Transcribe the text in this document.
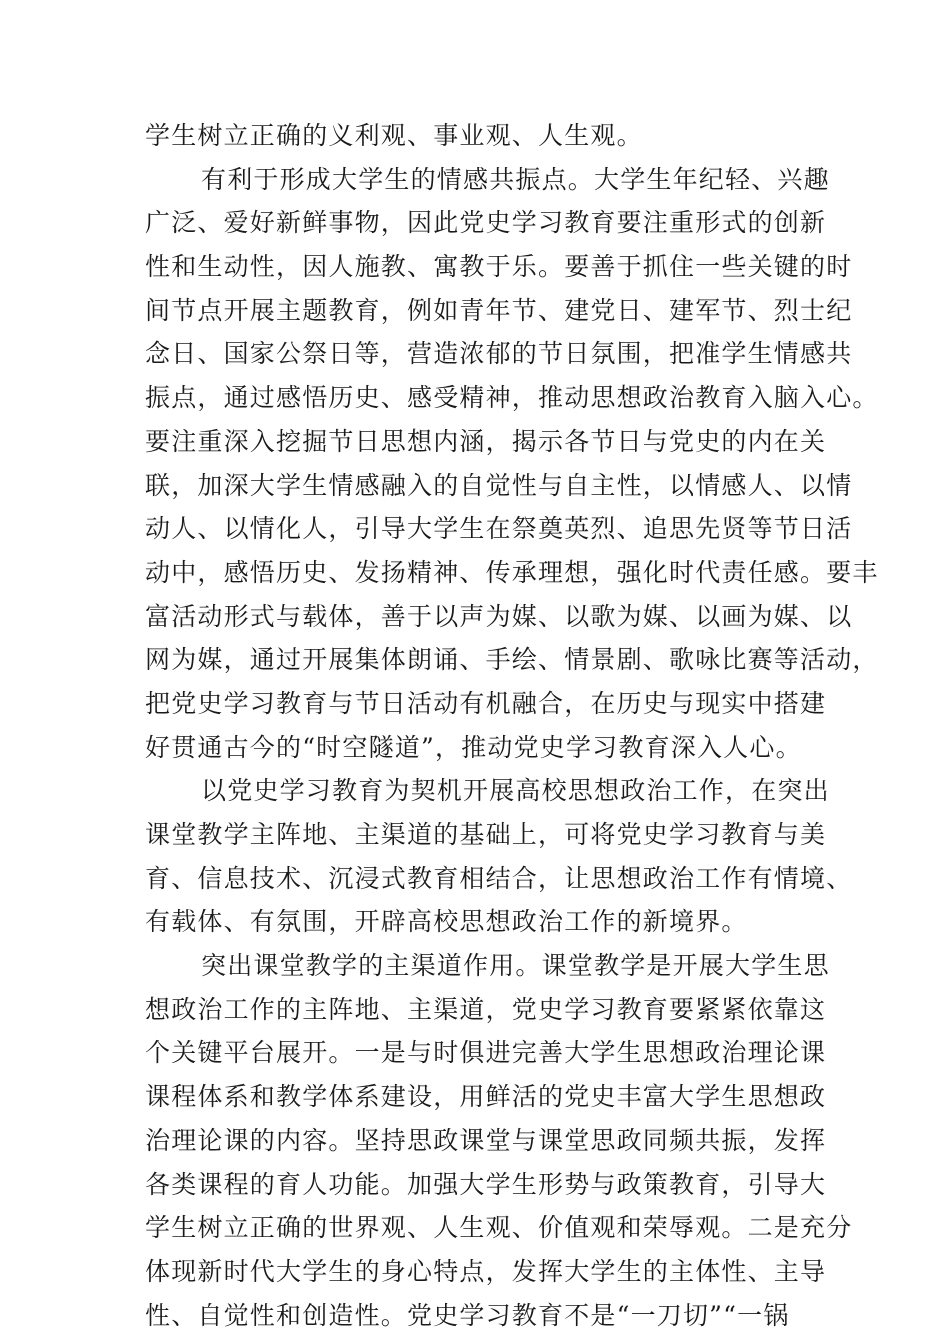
学生树立正确的义利观、事业观、人生观。
有利于形成大学生的情感共振点。大学生年纪轻、兴趣
广泛、爱好新鲜事物，因此党史学习教育要注重形式的创新
性和生动性，因人施教、寓教于乐。要善于抓住一些关键的时
间节点开展主题教育，例如青年节、建党日、建军节、烈士纪
念日、国家公祭日等，营造浓郁的节日氛围，把准学生情感共
振点，通过感悟历史、感受精神，推动思想政治教育入脑入心。
要注重深入挖掘节日思想内涵，揭示各节日与党史的内在关
联，加深大学生情感融入的自觉性与自主性，以情感人、以情
动人、以情化人，引导大学生在祭奠英烈、追思先贤等节日活
动中，感悟历史、发扬精神、传承理想，强化时代责任感。要丰
富活动形式与载体，善于以声为媒、以歌为媒、以画为媒、以
网为媒，通过开展集体朗诵、手绘、情景剧、歌咏比赛等活动，
把党史学习教育与节日活动有机融合，在历史与现实中搭建
好贯通古今的“时空隧道”，推动党史学习教育深入人心。
以党史学习教育为契机开展高校思想政治工作，在突出
课堂教学主阵地、主渠道的基础上，可将党史学习教育与美
育、信息技术、沉浸式教育相结合，让思想政治工作有情境、
有载体、有氛围，开辟高校思想政治工作的新境界。
突出课堂教学的主渠道作用。课堂教学是开展大学生思
想政治工作的主阵地、主渠道，党史学习教育要紧紧依靠这
个关键平台展开。一是与时俱进完善大学生思想政治理论课
课程体系和教学体系建设，用鲜活的党史丰富大学生思想政
治理论课的内容。坚持思政课堂与课堂思政同频共振，发挥
各类课程的育人功能。加强大学生形势与政策教育，引导大
学生树立正确的世界观、人生观、价值观和荣辱观。二是充分
体现新时代大学生的身心特点，发挥大学生的主体性、主导
性、自觉性和创造性。党史学习教育不是“一刀切”“一锅
